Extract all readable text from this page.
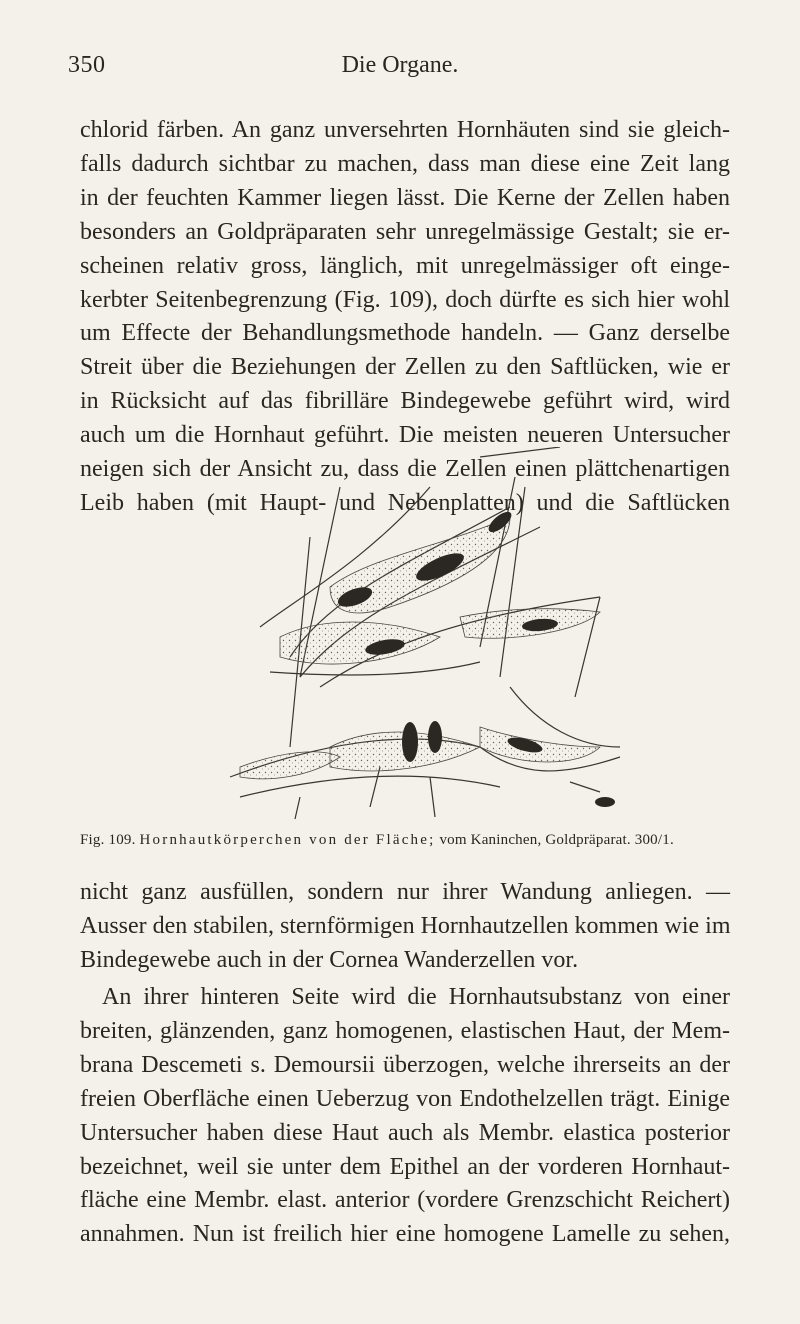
350	Die Organe.

chlorid färben. An ganz unversehrten Hornhäuten sind sie gleich-
falls dadurch sichtbar zu machen, dass man diese eine Zeit lang
in der feuchten Kammer liegen lässt. Die Kerne der Zellen haben
besonders an Goldpräparaten sehr unregelmässige Gestalt; sie er-
scheinen relativ gross, länglich, mit unregelmässiger oft einge-
kerbter Seitenbegrenzung (Fig. 109), doch dürfte es sich hier wohl
um Effecte der Behandlungsmethode handeln. — Ganz derselbe
Streit über die Beziehungen der Zellen zu den Saftlücken, wie er
in Rücksicht auf das fibrilläre Bindegewebe geführt wird, wird
auch um die Hornhaut geführt. Die meisten neueren Untersucher
neigen sich der Ansicht zu, dass die Zellen einen plättchenartigen
Leib haben (mit Haupt- und Nebenplatten) und die Saftlücken

Fig. 109. Hornhautkörperchen von der Fläche; vom Kaninchen, Goldpräparat. 300/1.

nicht ganz ausfüllen, sondern nur ihrer Wandung anliegen. —
Ausser den stabilen, sternförmigen Hornhautzellen kommen wie im
Bindegewebe auch in der Cornea Wanderzellen vor.

An ihrer hinteren Seite wird die Hornhautsubstanz von einer
breiten, glänzenden, ganz homogenen, elastischen Haut, der Mem-
brana Descemeti s. Demoursii überzogen, welche ihrerseits an der
freien Oberfläche einen Ueberzug von Endothelzellen trägt. Einige
Untersucher haben diese Haut auch als Membr. elastica posterior
bezeichnet, weil sie unter dem Epithel an der vorderen Hornhaut-
fläche eine Membr. elast. anterior (vordere Grenzschicht Reichert)
annahmen. Nun ist freilich hier eine homogene Lamelle zu sehen,
